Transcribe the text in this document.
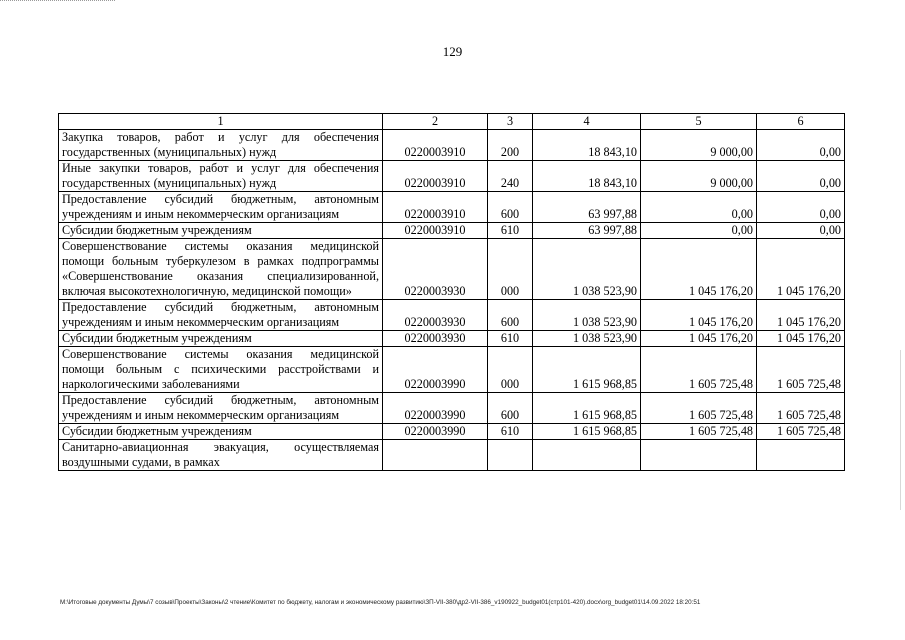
129
1	2	3	4	5	6
Закупка товаров, работ и услуг для обеспечения государственных (муниципальных) нужд	0220003910	200	18 843,10	9 000,00	0,00
Иные закупки товаров, работ и услуг для обеспечения государственных (муниципальных) нужд	0220003910	240	18 843,10	9 000,00	0,00
Предоставление субсидий бюджетным, автономным учреждениям и иным некоммерческим организациям	0220003910	600	63 997,88	0,00	0,00
Субсидии бюджетным учреждениям	0220003910	610	63 997,88	0,00	0,00
Совершенствование системы оказания медицинской помощи больным туберкулезом в рамках подпрограммы «Совершенствование оказания специализированной, включая высокотехнологичную, медицинской помощи»	0220003930	000	1 038 523,90	1 045 176,20	1 045 176,20
Предоставление субсидий бюджетным, автономным учреждениям и иным некоммерческим организациям	0220003930	600	1 038 523,90	1 045 176,20	1 045 176,20
Субсидии бюджетным учреждениям	0220003930	610	1 038 523,90	1 045 176,20	1 045 176,20
Совершенствование системы оказания медицинской помощи больным с психическими расстройствами и наркологическими заболеваниями	0220003990	000	1 615 968,85	1 605 725,48	1 605 725,48
Предоставление субсидий бюджетным, автономным учреждениям и иным некоммерческим организациям	0220003990	600	1 615 968,85	1 605 725,48	1 605 725,48
Субсидии бюджетным учреждениям	0220003990	610	1 615 968,85	1 605 725,48	1 605 725,48
Санитарно-авиационная эвакуация, осуществляемая воздушными судами, в рамках					
M:\Итоговые документы Думы\7 созыв\Проекты\Законы\2 чтение\Комитет по бюджету, налогам и экономическому развитию\ЗП-VII-380\др2-VII-386_v190922_budget01(стр101-420).docx\org_budget01\14.09.2022 18:20:51
